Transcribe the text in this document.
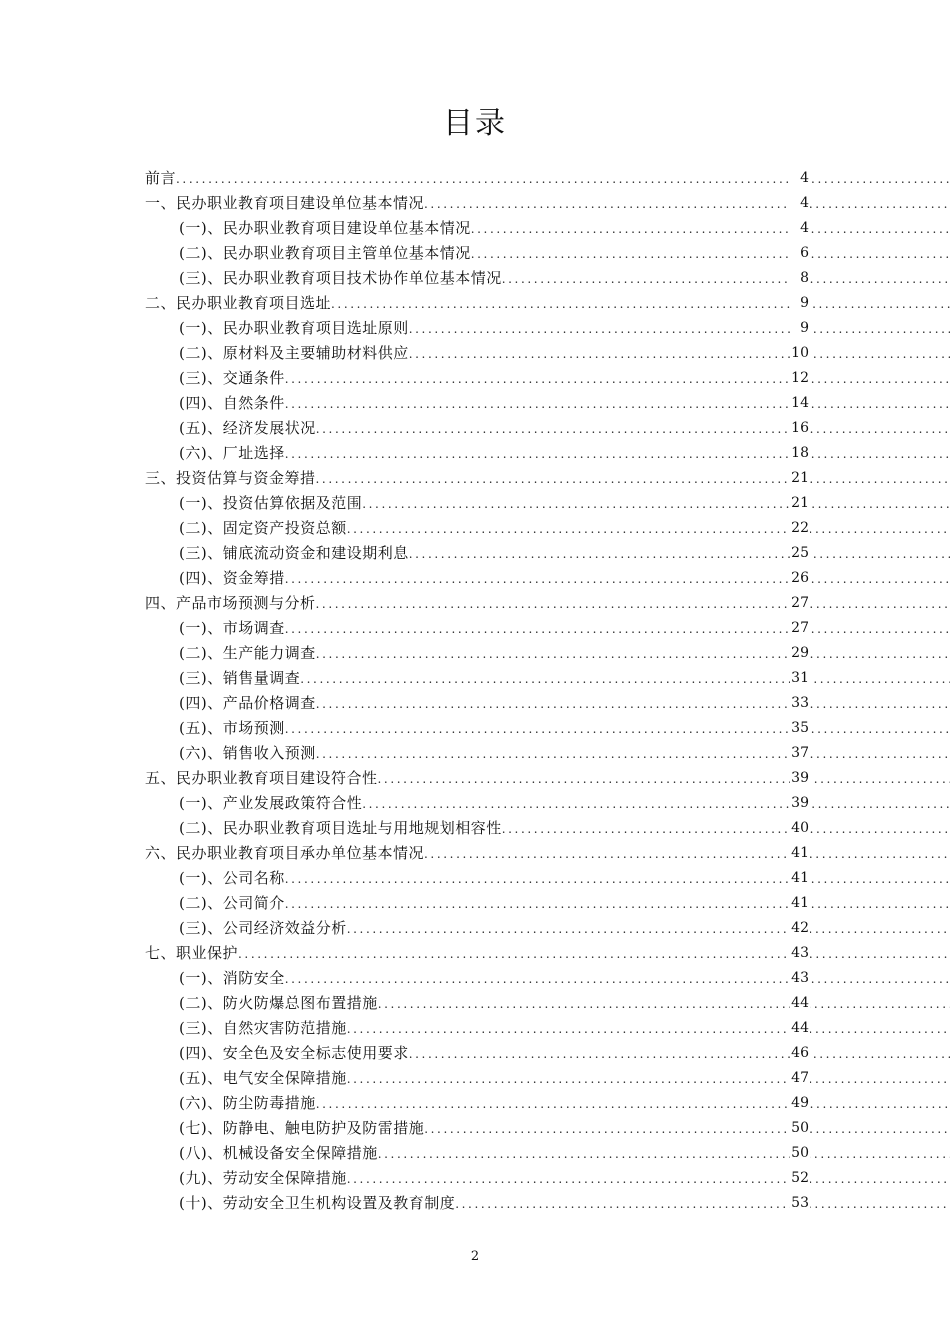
目录
前言 .....	4
一、民办职业教育项目建设单位基本情况 .....	4
(一)、民办职业教育项目建设单位基本情况 .....	4
(二)、民办职业教育项目主管单位基本情况 .....	6
(三)、民办职业教育项目技术协作单位基本情况 .....	8
二、民办职业教育项目选址 .....	9
(一)、民办职业教育项目选址原则 .....	9
(二)、原材料及主要辅助材料供应 .....	10
(三)、交通条件 .....	12
(四)、自然条件 .....	14
(五)、经济发展状况 .....	16
(六)、厂址选择 .....	18
三、投资估算与资金筹措 .....	21
(一)、投资估算依据及范围 .....	21
(二)、固定资产投资总额 .....	22
(三)、铺底流动资金和建设期利息 .....	25
(四)、资金筹措 .....	26
四、产品市场预测与分析 .....	27
(一)、市场调查 .....	27
(二)、生产能力调查 .....	29
(三)、销售量调查 .....	31
(四)、产品价格调查 .....	33
(五)、市场预测 .....	35
(六)、销售收入预测 .....	37
五、民办职业教育项目建设符合性 .....	39
(一)、产业发展政策符合性 .....	39
(二)、民办职业教育项目选址与用地规划相容性 .....	40
六、民办职业教育项目承办单位基本情况 .....	41
(一)、公司名称 .....	41
(二)、公司简介 .....	41
(三)、公司经济效益分析 .....	42
七、职业保护 .....	43
(一)、消防安全 .....	43
(二)、防火防爆总图布置措施 .....	44
(三)、自然灾害防范措施 .....	44
(四)、安全色及安全标志使用要求 .....	46
(五)、电气安全保障措施 .....	47
(六)、防尘防毒措施 .....	49
(七)、防静电、触电防护及防雷措施 .....	50
(八)、机械设备安全保障措施 .....	50
(九)、劳动安全保障措施 .....	52
(十)、劳动安全卫生机构设置及教育制度 .....	53
2
